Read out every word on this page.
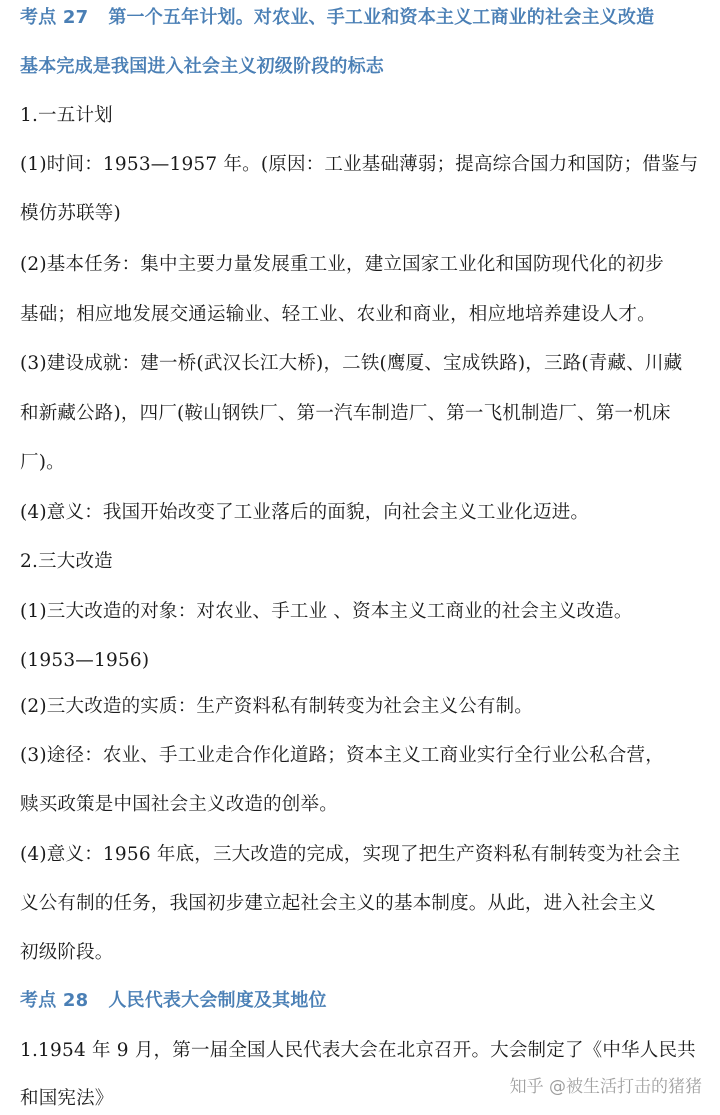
考点 27 第一个五年计划。对农业、手工业和资本主义工商业的社会主义改造
基本完成是我国进入社会主义初级阶段的标志
1.一五计划
(1)时间：1953—1957 年。(原因：工业基础薄弱；提高综合国力和国防；借鉴与
模仿苏联等)
(2)基本任务：集中主要力量发展重工业，建立国家工业化和国防现代化的初步
基础；相应地发展交通运输业、轻工业、农业和商业，相应地培养建设人才。
(3)建设成就：建一桥(武汉长江大桥)，二铁(鹰厦、宝成铁路)，三路(青藏、川藏
和新藏公路)，四厂(鞍山钢铁厂、第一汽车制造厂、第一飞机制造厂、第一机床
厂)。
(4)意义：我国开始改变了工业落后的面貌，向社会主义工业化迈进。
2.三大改造
(1)三大改造的对象：对农业、手工业 、资本主义工商业的社会主义改造。
(1953—1956)
(2)三大改造的实质：生产资料私有制转变为社会主义公有制。
(3)途径：农业、手工业走合作化道路；资本主义工商业实行全行业公私合营，
赎买政策是中国社会主义改造的创举。
(4)意义：1956 年底，三大改造的完成，实现了把生产资料私有制转变为社会主
义公有制的任务，我国初步建立起社会主义的基本制度。从此，进入社会主义
初级阶段。
考点 28 人民代表大会制度及其地位
1.1954 年 9 月，第一届全国人民代表大会在北京召开。大会制定了《中华人民共
和国宪法》
知乎 @被生活打击的猪猪
